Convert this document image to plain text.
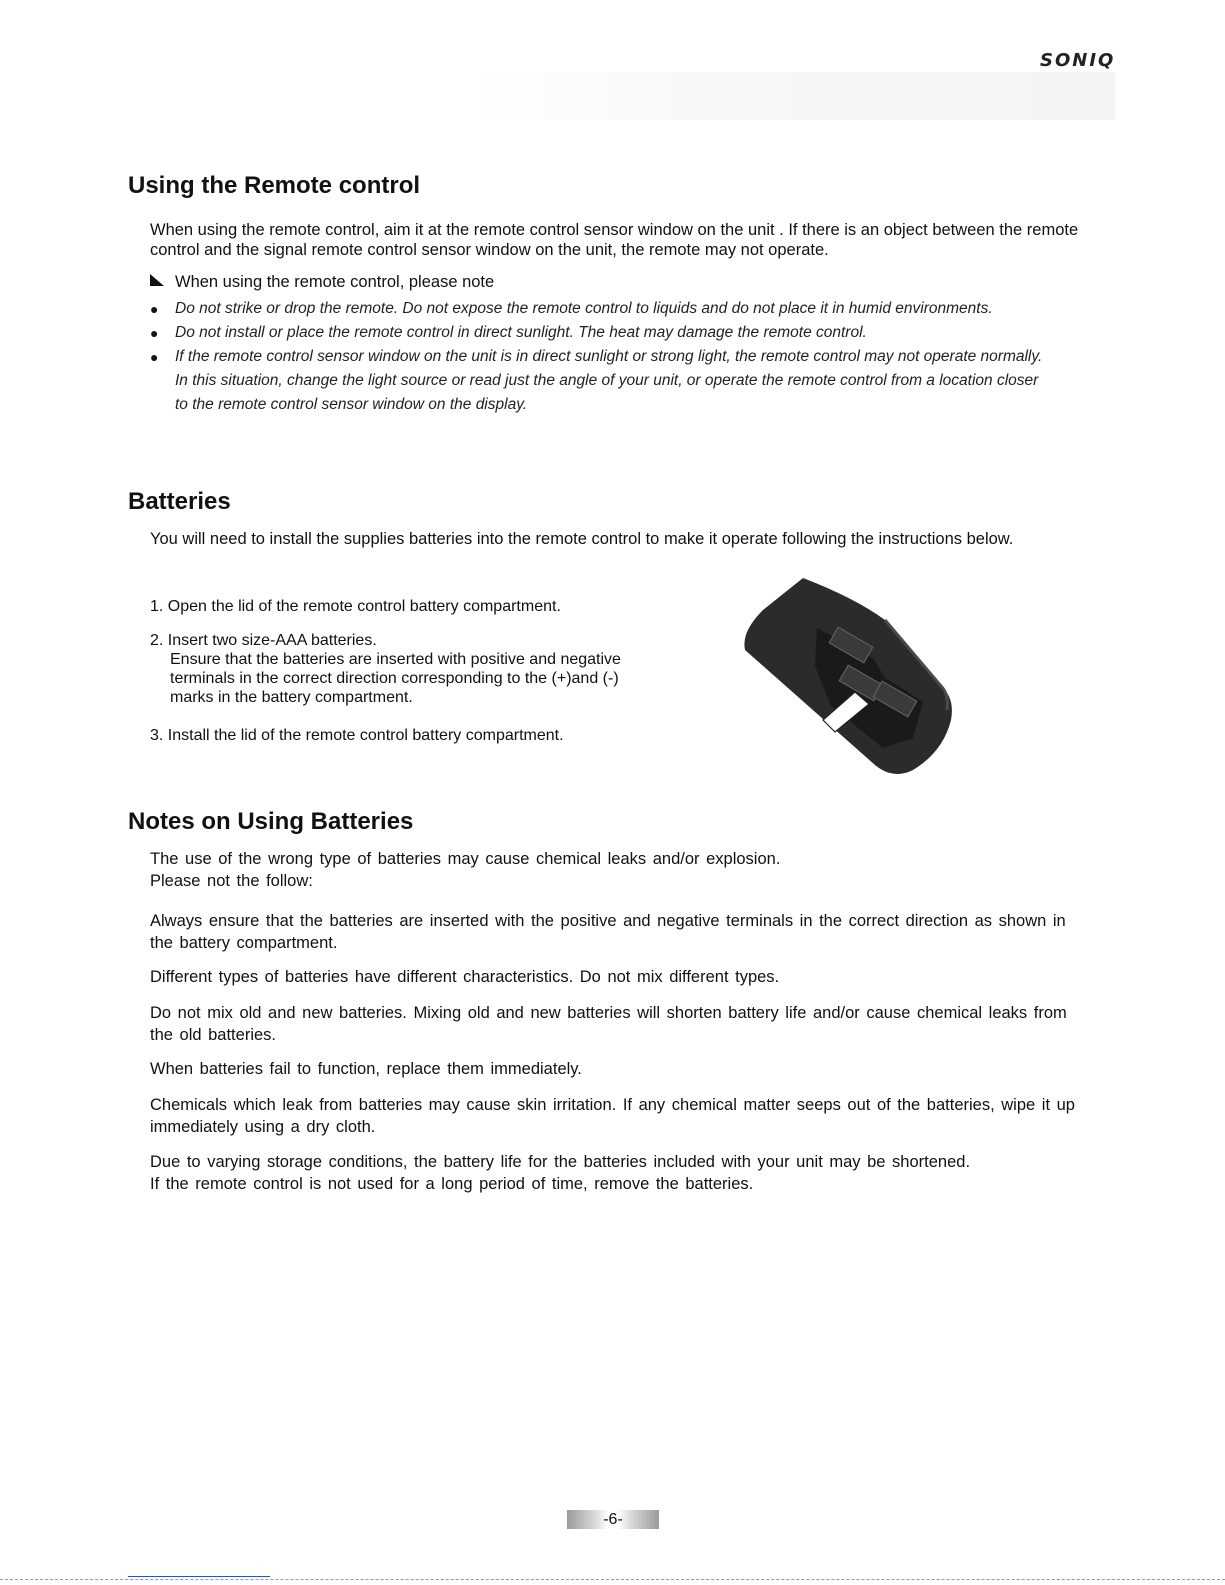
SONIQ
Using the Remote control
When using the remote control, aim it at the remote control sensor window on the unit . If there is an object between the remote control and the signal remote control sensor window on the unit, the remote may not operate.
When using the remote control, please note
●	Do not strike or drop the remote. Do not expose the remote control to liquids and do not place it in humid environments.
●	Do not install or place the remote control in direct sunlight. The heat may damage the remote control.
●	If the remote control sensor window on the unit is in direct sunlight or strong light, the remote control may not operate normally. In this situation, change the light source or read just the angle of your unit, or operate the remote control from a location closer to the remote control sensor window on the display.
Batteries
You will need to install the supplies batteries into the remote control to make it operate following the instructions below.
1. Open the lid of the remote control battery compartment.
2. Insert two size-AAA batteries.
Ensure that the batteries are inserted with positive and negative terminals in the correct direction corresponding to the (+)and (-) marks in the battery compartment.
3. Install the lid of the remote control battery compartment.
Notes on Using Batteries
The use of the wrong type of batteries may cause chemical leaks and/or explosion.
Please not the follow:
Always ensure that the batteries are inserted with the positive and negative terminals in the correct direction as shown in the battery compartment.
Different types of batteries have different characteristics. Do not mix different types.
Do not mix old and new batteries. Mixing old and new batteries will shorten battery life and/or cause chemical leaks from the old batteries.
When batteries fail to function, replace them immediately.
Chemicals which leak from batteries may cause skin irritation. If any chemical matter seeps out of the batteries, wipe it up immediately using a dry cloth.
Due to varying storage conditions, the battery life for the batteries included with your unit may be shortened.
If the remote control is not used for a long period of time, remove the batteries.
-6-
